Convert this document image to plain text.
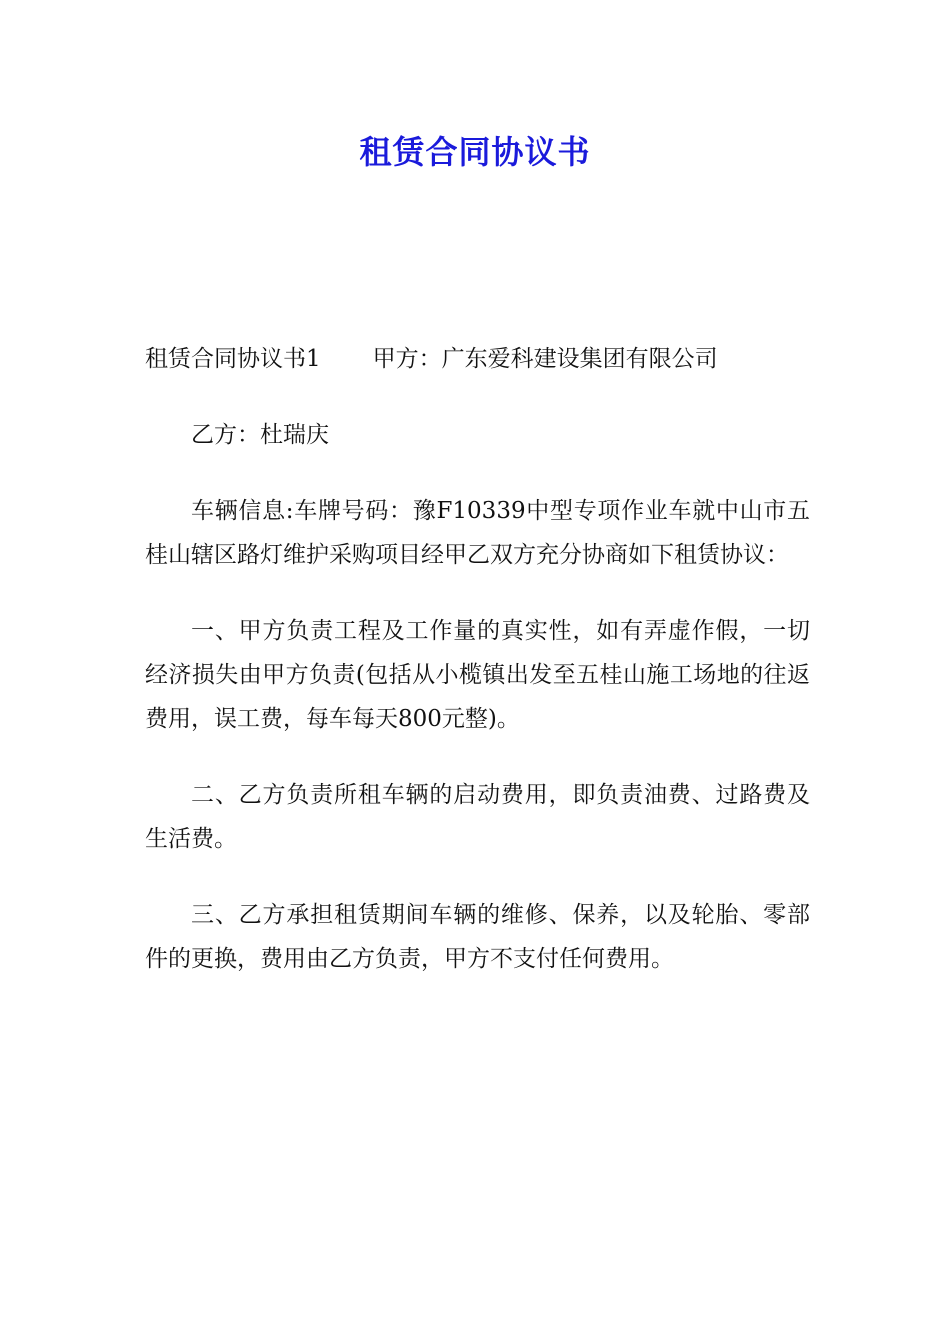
租赁合同协议书

租赁合同协议书1 甲方：广东爱科建设集团有限公司

乙方：杜瑞庆

车辆信息:车牌号码：豫F10339中型专项作业车就中山市五桂山辖区路灯维护采购项目经甲乙双方充分协商如下租赁协议：

一、甲方负责工程及工作量的真实性，如有弄虚作假，一切经济损失由甲方负责(包括从小榄镇出发至五桂山施工场地的往返费用，误工费，每车每天800元整)。

二、乙方负责所租车辆的启动费用，即负责油费、过路费及生活费。

三、乙方承担租赁期间车辆的维修、保养，以及轮胎、零部件的更换，费用由乙方负责，甲方不支付任何费用。
